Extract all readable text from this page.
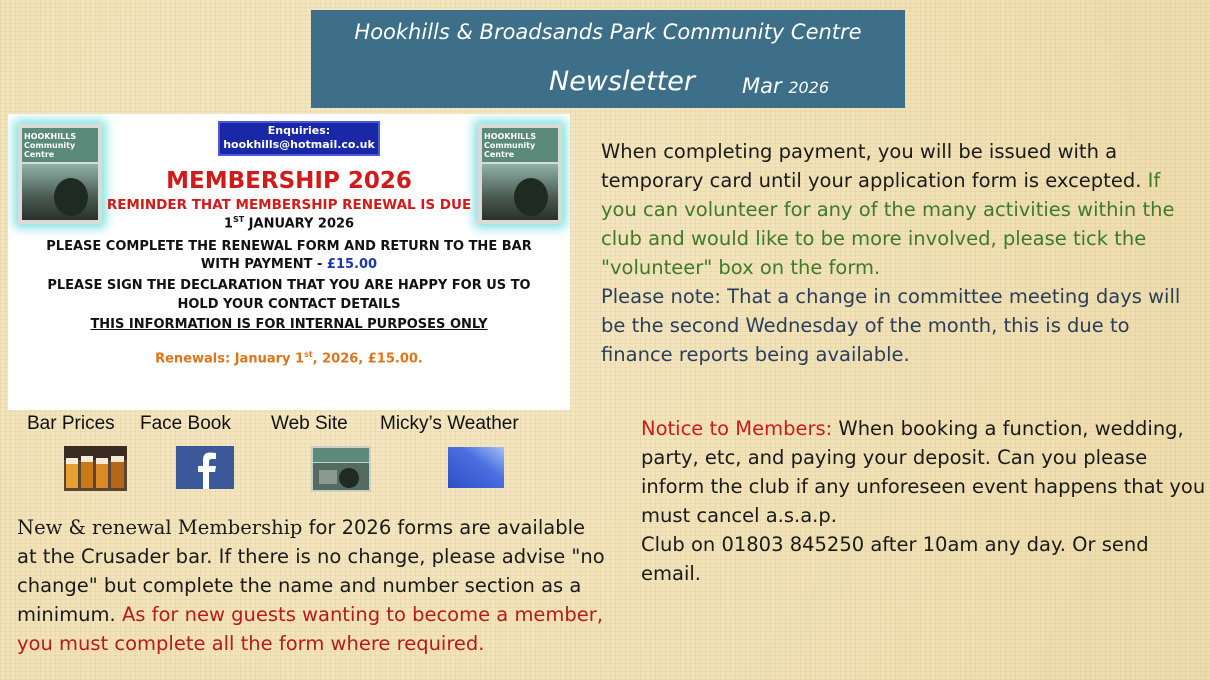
Hookhills & Broadsands Park Community Centre
Newsletter Mar 2026
HOOKHILLS Community Centre
HOOKHILLS Community Centre
Enquiries:
hookhills@hotmail.co.uk
MEMBERSHIP 2026
REMINDER THAT MEMBERSHIP RENEWAL IS DUE
1ST JANUARY 2026
PLEASE COMPLETE THE RENEWAL FORM AND RETURN TO THE BAR
WITH PAYMENT - £15.00
PLEASE SIGN THE DECLARATION THAT YOU ARE HAPPY FOR US TO
HOLD YOUR CONTACT DETAILS
THIS INFORMATION IS FOR INTERNAL PURPOSES ONLY
Renewals: January 1st, 2026, £15.00.
Bar Prices Face Book Web Site Micky’s Weather
When completing payment, you will be issued with a temporary card until your application form is excepted. If you can volunteer for any of the many activities within the club and would like to be more involved, please tick the "volunteer" box on the form.
Please note: That a change in committee meeting days will be the second Wednesday of the month, this is due to finance reports being available.
Notice to Members: When booking a function, wedding, party, etc, and paying your deposit. Can you please inform the club if any unforeseen event happens that you must cancel a.s.a.p.
Club on 01803 845250 after 10am any day. Or send email.
New & renewal Membership for 2026 forms are available at the Crusader bar. If there is no change, please advise "no change" but complete the name and number section as a minimum. As for new guests wanting to become a member, you must complete all the form where required.
